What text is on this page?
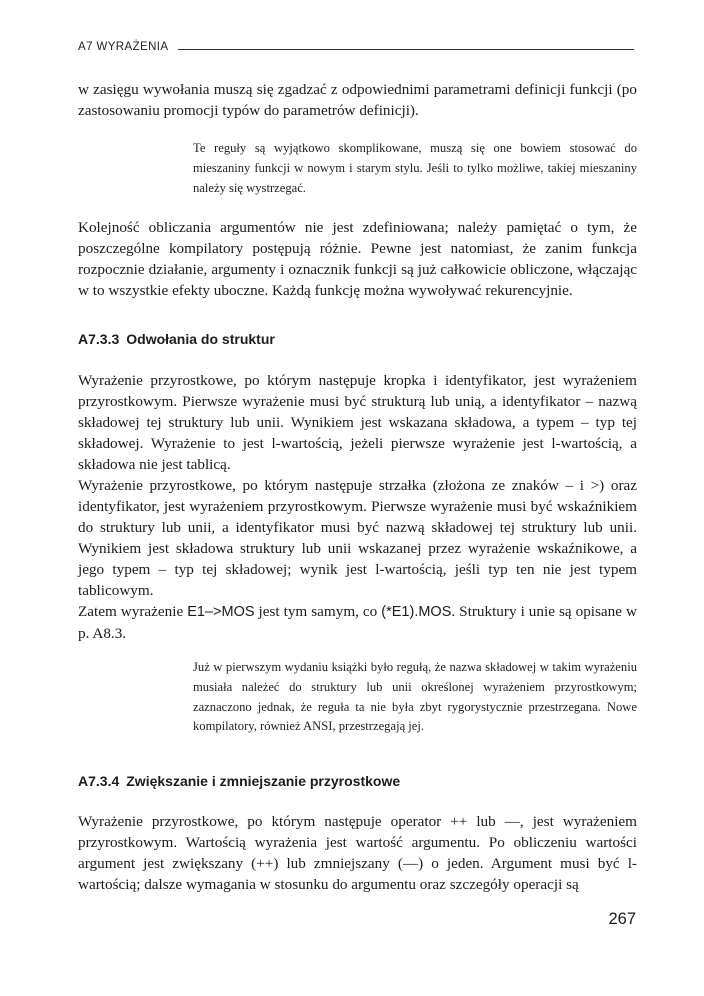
A7
WYRAŻENIA

w zasięgu wywołania muszą się zgadzać z odpowiednimi parametrami definicji funkcji (po zastosowaniu promocji typów do parametrów definicji).

Te reguły są wyjątkowo skomplikowane, muszą się one bowiem stosować do mieszaniny funkcji w nowym i starym stylu. Jeśli to tylko możliwe, takiej mieszaniny należy się wystrzegać.

Kolejność obliczania argumentów nie jest zdefiniowana; należy pamiętać o tym, że poszczególne kompilatory postępują różnie. Pewne jest natomiast, że zanim funkcja rozpocznie działanie, argumenty i oznacznik funkcji są już całkowicie obliczone, włączając w to wszystkie efekty uboczne. Każdą funkcję można wywoływać rekurencyjnie.

A7.3.3 Odwołania do struktur

Wyrażenie przyrostkowe, po którym następuje kropka i identyfikator, jest wyrażeniem przyrostkowym. Pierwsze wyrażenie musi być strukturą lub unią, a identyfikator – nazwą składowej tej struktury lub unii. Wynikiem jest wskazana składowa, a typem – typ tej składowej. Wyrażenie to jest l-wartością, jeżeli pierwsze wyrażenie jest l-wartością, a składowa nie jest tablicą.

Wyrażenie przyrostkowe, po którym następuje strzałka (złożona ze znaków – i >) oraz identyfikator, jest wyrażeniem przyrostkowym. Pierwsze wyrażenie musi być wskaźnikiem do struktury lub unii, a identyfikator musi być nazwą składowej tej struktury lub unii. Wynikiem jest składowa struktury lub unii wskazanej przez wyrażenie wskaźnikowe, a jego typem – typ tej składowej; wynik jest l-wartością, jeśli typ ten nie jest typem tablicowym.

Zatem wyrażenie E1–>MOS jest tym samym, co (*E1).MOS. Struktury i unie są opisane w p. A8.3.

Już w pierwszym wydaniu książki było regułą, że nazwa składowej w takim wyrażeniu musiała należeć do struktury lub unii określonej wyrażeniem przyrostkowym; zaznaczono jednak, że reguła ta nie była zbyt rygorystycznie przestrzegana. Nowe kompilatory, również ANSI, przestrzegają jej.

A7.3.4 Zwiększanie i zmniejszanie przyrostkowe

Wyrażenie przyrostkowe, po którym następuje operator ++ lub ––, jest wyrażeniem przyrostkowym. Wartością wyrażenia jest wartość argumentu. Po obliczeniu wartości argument jest zwiększany (++) lub zmniejszany (––) o jeden. Argument musi być l-wartością; dalsze wymagania w stosunku do argumentu oraz szczegóły operacji są

267
